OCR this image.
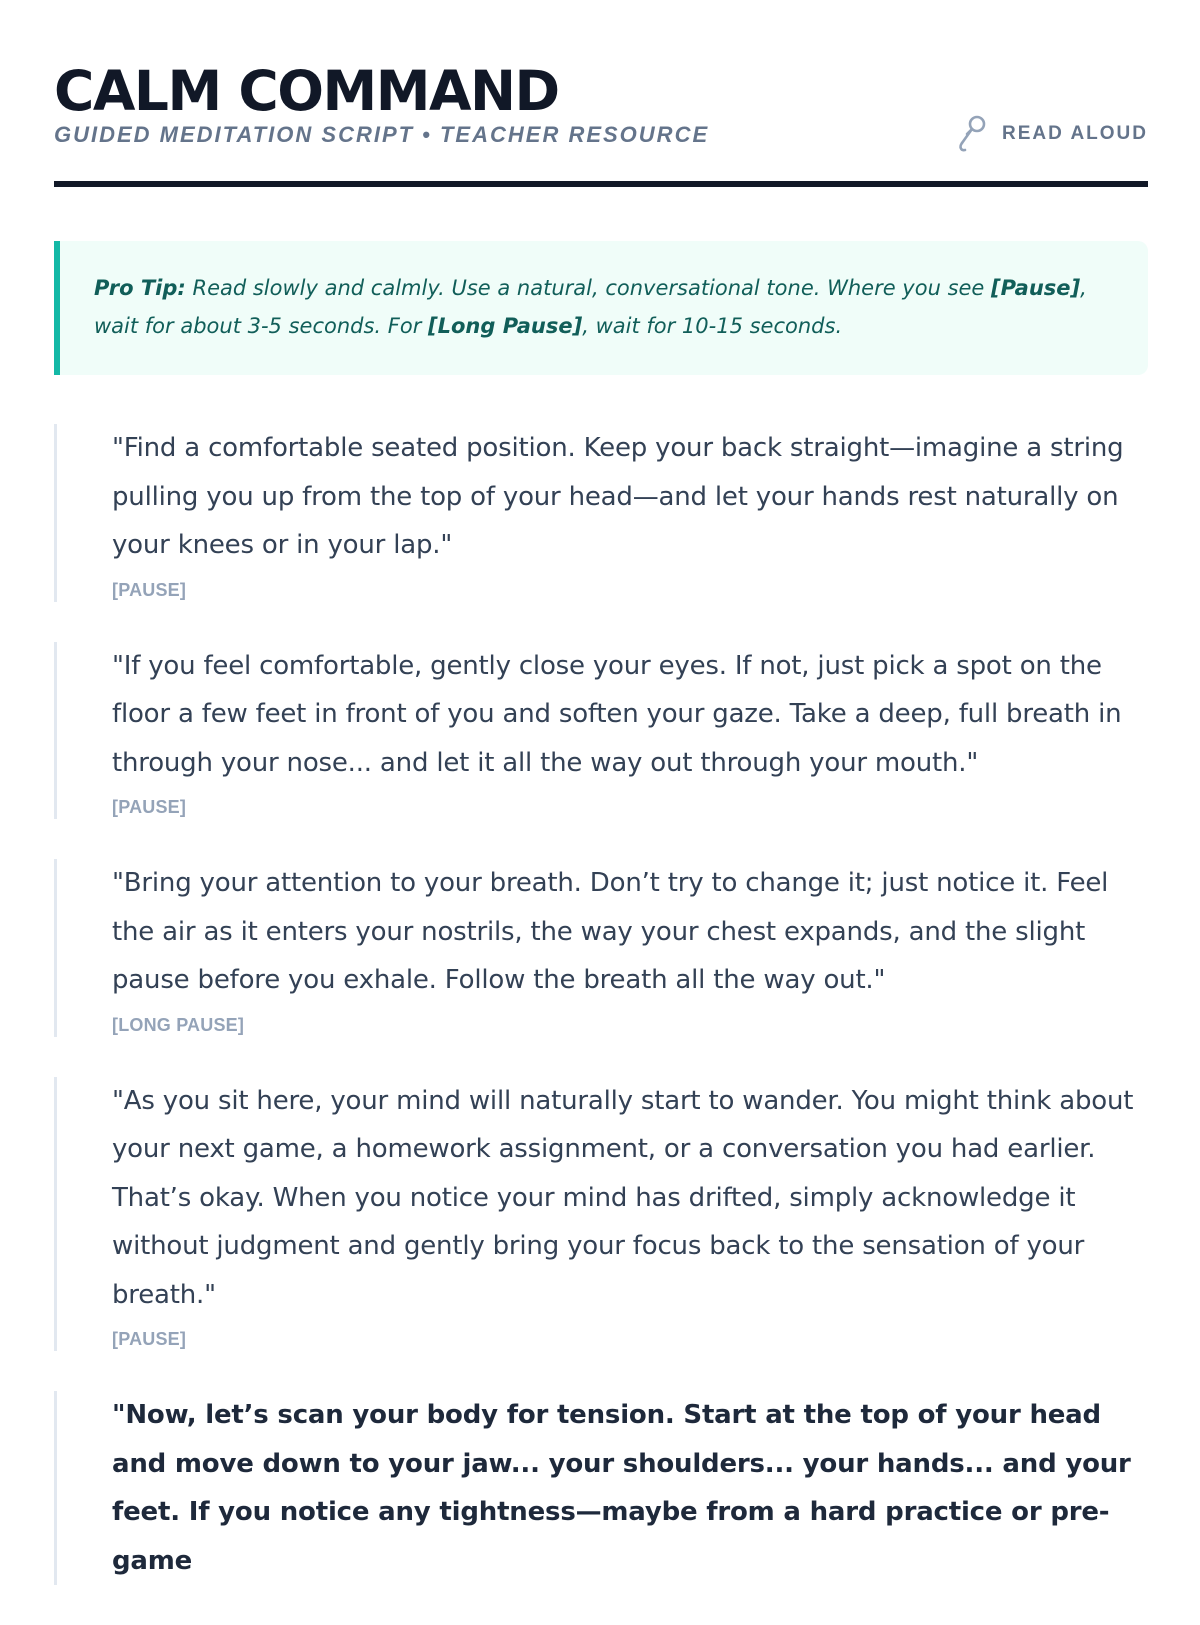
CALM COMMAND
GUIDED MEDITATION SCRIPT • TEACHER RESOURCE	READ ALOUD
Pro Tip: Read slowly and calmly. Use a natural, conversational tone. Where you see [Pause], wait for about 3-5 seconds. For [Long Pause], wait for 10-15 seconds.

"Find a comfortable seated position. Keep your back straight—imagine a string pulling you up from the top of your head—and let your hands rest naturally on your knees or in your lap."

[PAUSE]

"If you feel comfortable, gently close your eyes. If not, just pick a spot on the floor a few feet in front of you and soften your gaze. Take a deep, full breath in through your nose... and let it all the way out through your mouth."

[PAUSE]

"Bring your attention to your breath. Don’t try to change it; just notice it. Feel the air as it enters your nostrils, the way your chest expands, and the slight pause before you exhale. Follow the breath all the way out."

[LONG PAUSE]

"As you sit here, your mind will naturally start to wander. You might think about your next game, a homework assignment, or a conversation you had earlier. That’s okay. When you notice your mind has drifted, simply acknowledge it without judgment and gently bring your focus back to the sensation of your breath."

[PAUSE]

"Now, let’s scan your body for tension. Start at the top of your head and move down to your jaw... your shoulders... your hands... and your feet. If you notice any tightness—maybe from a hard practice or pre-game
